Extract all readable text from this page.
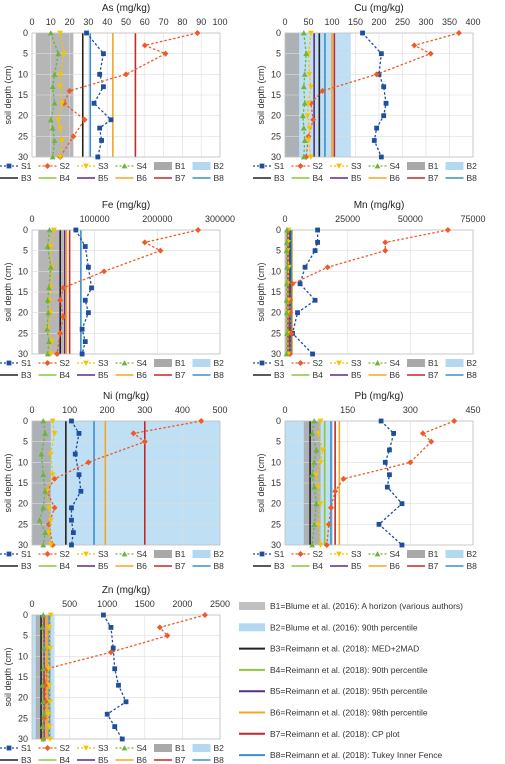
As (mg/kg)
0 10 20 30 40 50 60 70 80 90 100
0
5
10
15
20
25
30
soil depth (cm)
S1	S2	S3	S4	B1	B2
B3	B4	B5	B6	B7	B8
Cu (mg/kg)
0 50 100 150 200 250 300 350 400
0
5
10
15
20
25
30
soil depth (cm)
S1	S2	S3	S4	B1	B2
B3	B4	B5	B6	B7	B8
Fe (mg/kg)
0	100000	200000	300000
0
5
10
15
20
25
30
soil depth (cm)
S1	S2	S3	S4	B1	B2
B3	B4	B5	B6	B7	B8
Mn (mg/kg)
0	25000	50000	75000
0
5
10
15
20
25
30
soil depth (cm)
S1	S2	S3	S4	B1	B2
B3	B4	B5	B6	B7	B8
Ni (mg/kg)
0	100	200	300	400	500
0
5
10
15
20
25
30
soil depth (cm)
S1	S2	S3	S4	B1	B2
B3	B4	B5	B6	B7	B8
Pb (mg/kg)
0	150	300	450
0
5
10
15
20
25
30
soil depth (cm)
S1	S2	S3	S4	B1	B2
B3	B4	B5	B6	B7	B8
Zn (mg/kg)
0	500 1000 1500 2000 2500
0
5
10
15
20
25
30
soil depth (cm)
S1	S2	S3	S4	B1	B2
B3	B4	B5	B6	B7	B8
B1=Blume et al. (2016): A horizon (various authors)
B2=Blume et al. (2016): 90th percentile
B3=Reimann et al. (2018): MED+2MAD
B4=Reimann et al. (2018): 90th percentile
B5=Reimann et al. (2018): 95th percentile
B6=Reimann et al. (2018): 98th percentile
B7=Reimann et al. (2018): CP plot
B8=Reimann et al. (2018): Tukey Inner Fence
